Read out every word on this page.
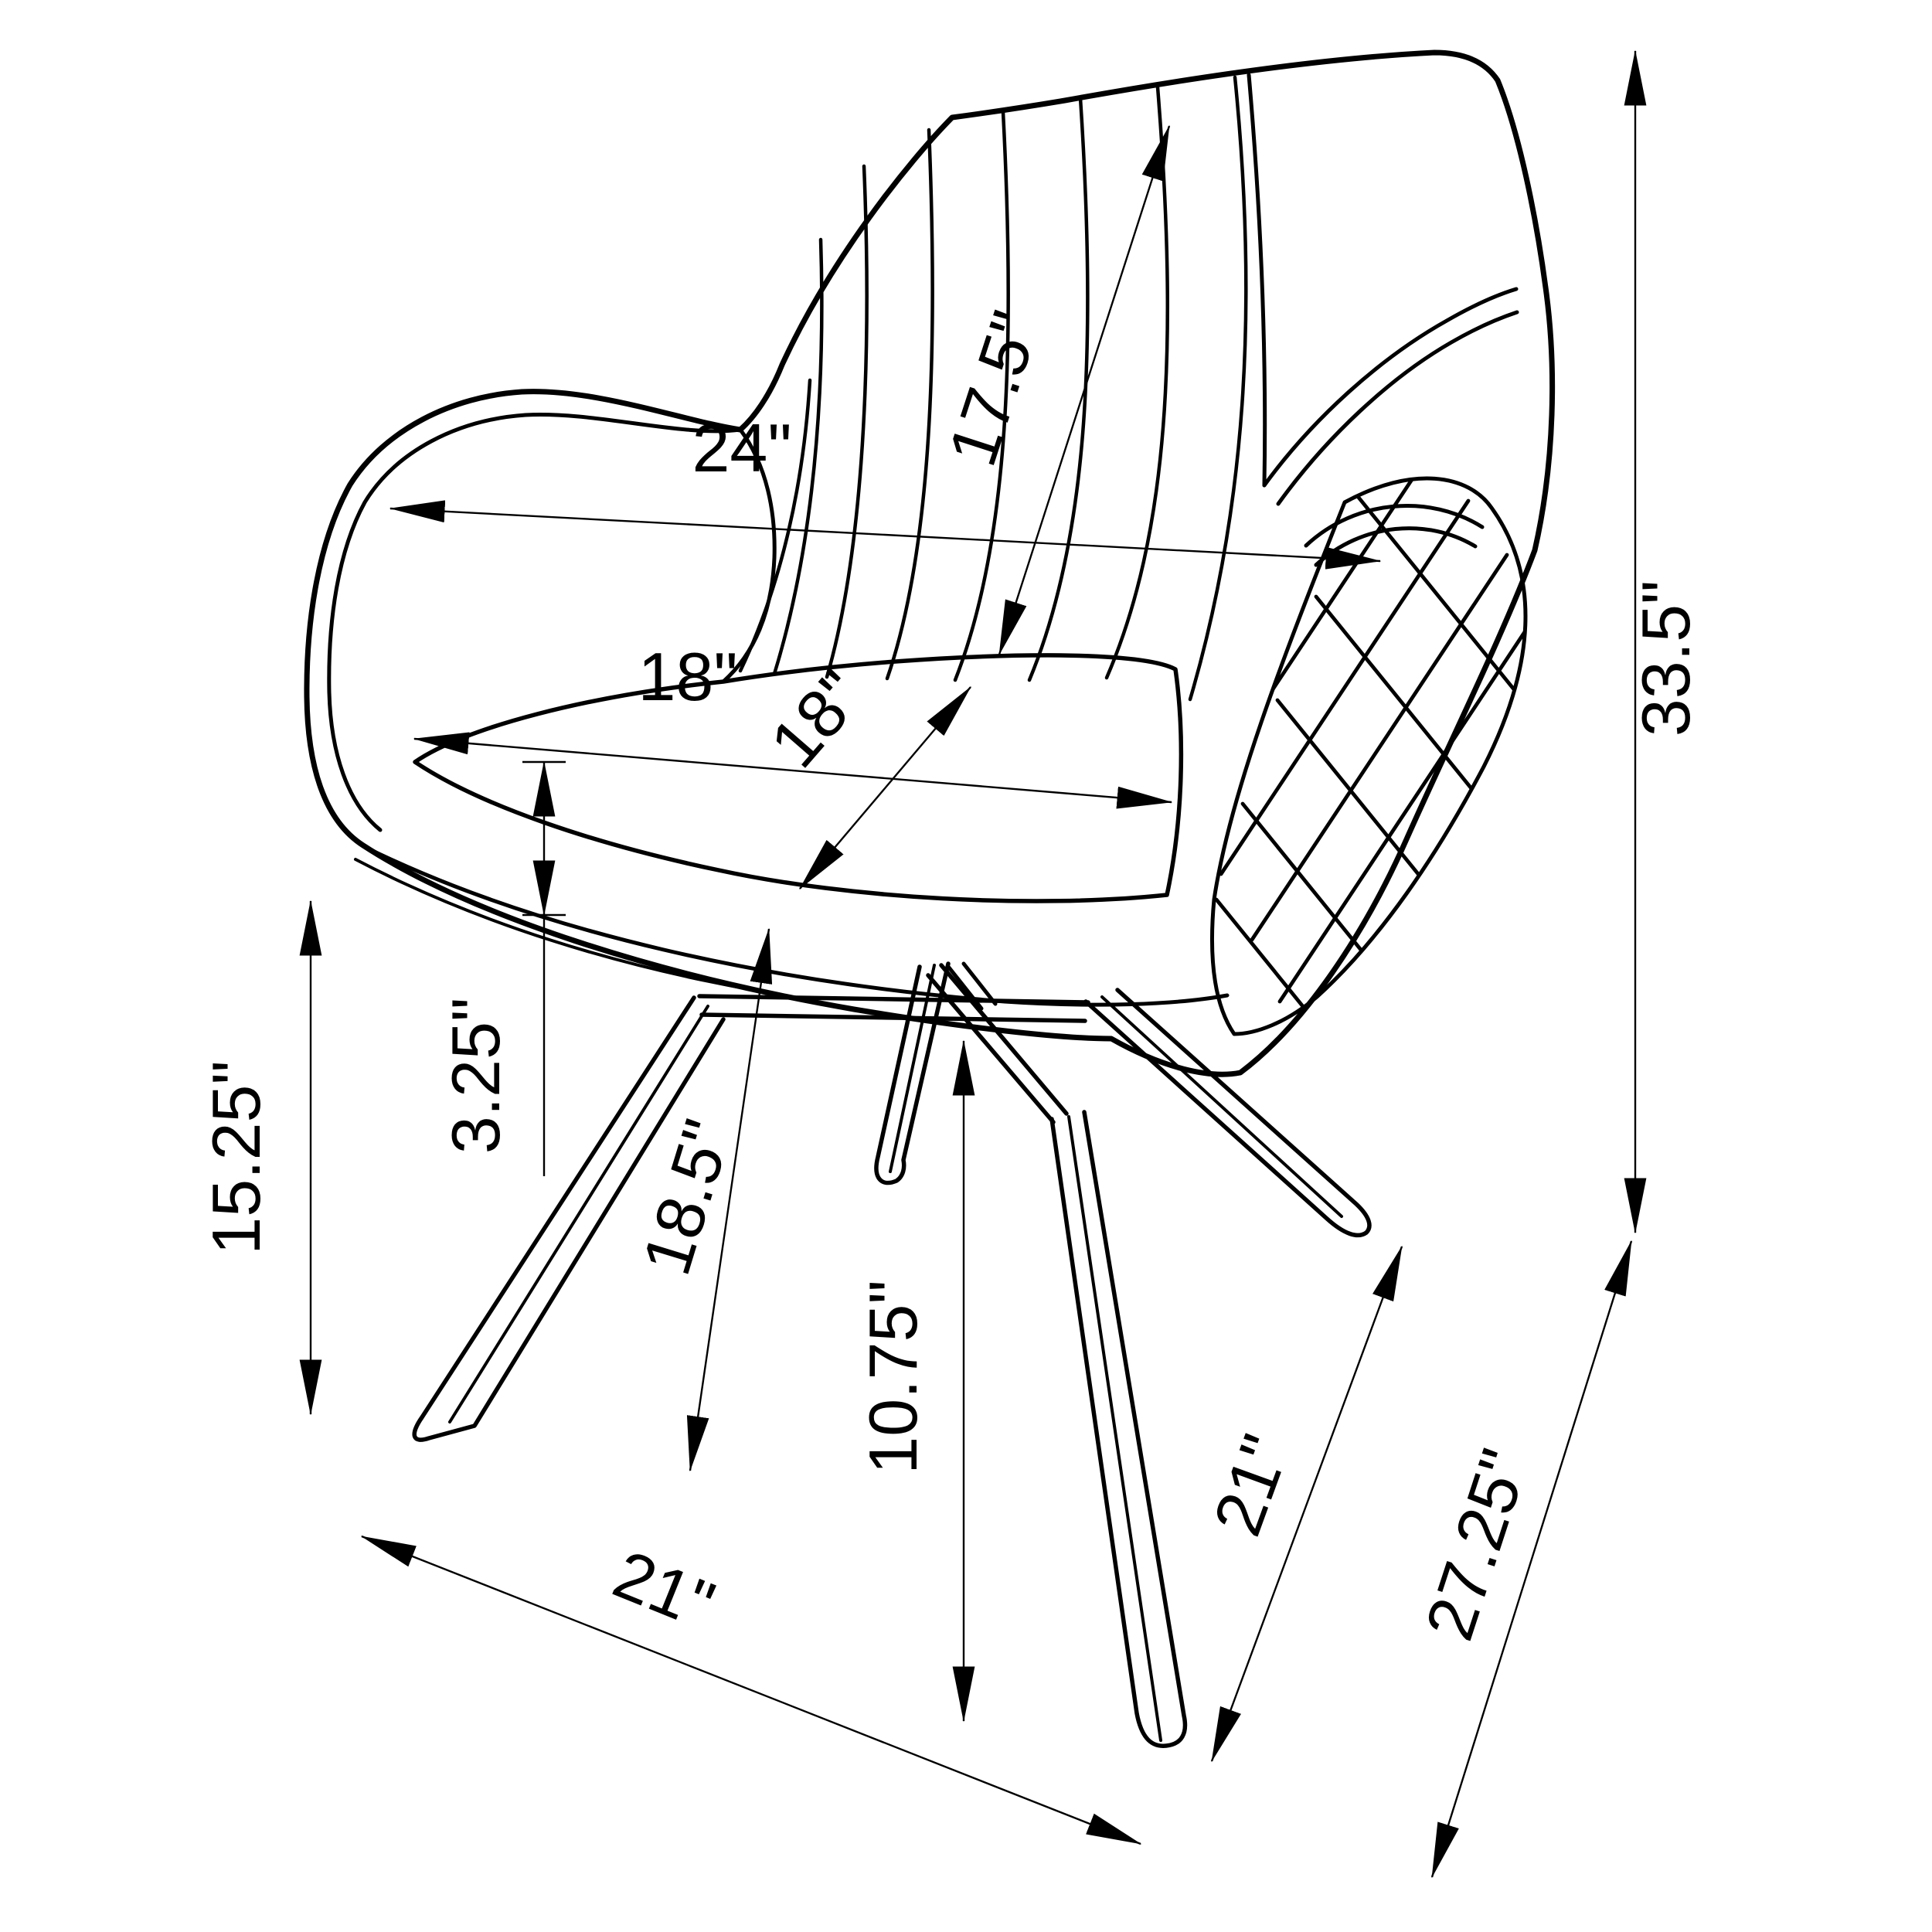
17.5"
24"
18" 18"	33.5"
3.25"
15.25"	18.5"
10.75"
21"
21" 27.25"
